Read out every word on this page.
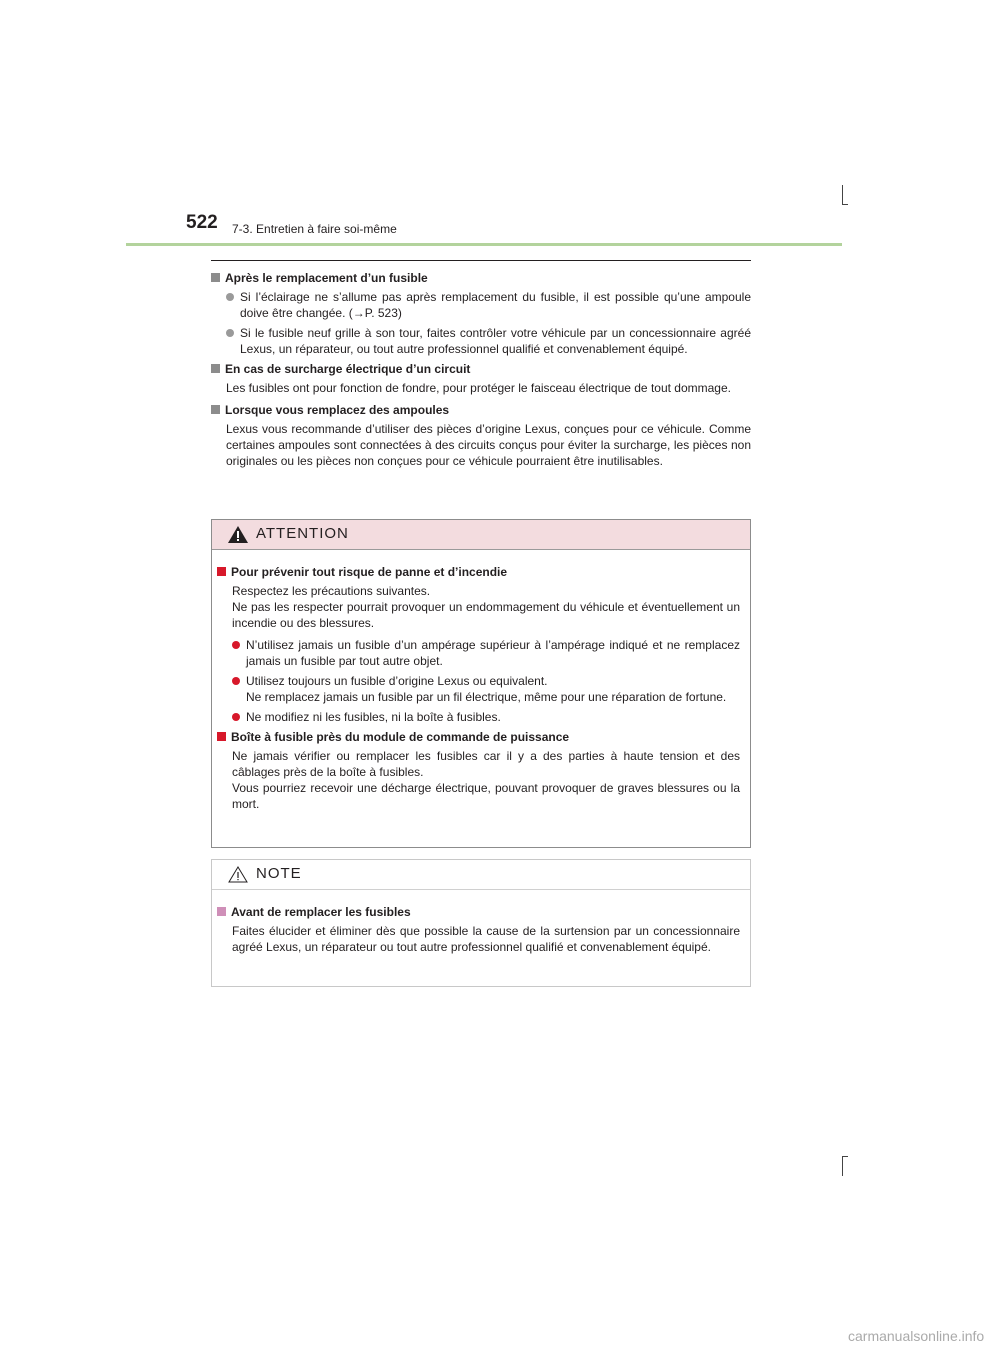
522 7-3. Entretien à faire soi-même
Après le remplacement d’un fusible
Si l’éclairage ne s’allume pas après remplacement du fusible, il est possible qu’une ampoule doive être changée. (→P. 523)
Si le fusible neuf grille à son tour, faites contrôler votre véhicule par un concessionnaire agréé Lexus, un réparateur, ou tout autre professionnel qualifié et convenablement équipé.
En cas de surcharge électrique d’un circuit
Les fusibles ont pour fonction de fondre, pour protéger le faisceau électrique de tout dommage.
Lorsque vous remplacez des ampoules
Lexus vous recommande d’utiliser des pièces d’origine Lexus, conçues pour ce véhicule. Comme certaines ampoules sont connectées à des circuits conçus pour éviter la surcharge, les pièces non originales ou les pièces non conçues pour ce véhicule pourraient être inutilisables.
ATTENTION
Pour prévenir tout risque de panne et d’incendie
Respectez les précautions suivantes.
Ne pas les respecter pourrait provoquer un endommagement du véhicule et éventuellement un incendie ou des blessures.
N’utilisez jamais un fusible d’un ampérage supérieur à l’ampérage indiqué et ne remplacez jamais un fusible par tout autre objet.
Utilisez toujours un fusible d’origine Lexus ou equivalent.
Ne remplacez jamais un fusible par un fil électrique, même pour une réparation de fortune.
Ne modifiez ni les fusibles, ni la boîte à fusibles.
Boîte à fusible près du module de commande de puissance
Ne jamais vérifier ou remplacer les fusibles car il y a des parties à haute tension et des câblages près de la boîte à fusibles.
Vous pourriez recevoir une décharge électrique, pouvant provoquer de graves blessures ou la mort.
NOTE
Avant de remplacer les fusibles
Faites élucider et éliminer dès que possible la cause de la surtension par un concessionnaire agréé Lexus, un réparateur ou tout autre professionnel qualifié et convenablement équipé.
carmanualsonline.info
